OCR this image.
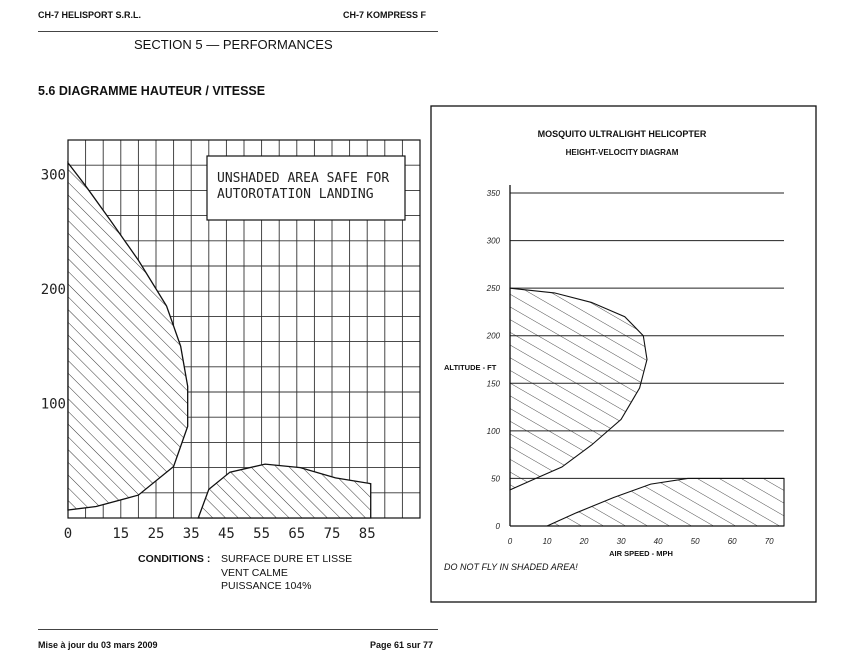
CH-7 HELISPORT S.R.L.	CH-7 KOMPRESS F
SECTION 5 — PERFORMANCES
5.6 DIAGRAMME HAUTEUR / VITESSE
UNSHADED AREA SAFE FOR
AUTOROTATION LANDING
0	15 25 35 45 55 65 75 85
100
200
300
MOSQUITO ULTRALIGHT HELICOPTER
HEIGHT-VELOCITY DIAGRAM
0
50
100
150
200
250
300
350
0	10	20	30	40	50	60	70
ALTITUDE - FT
AIR SPEED - MPH
DO NOT FLY IN SHADED AREA!
CONDITIONS : SURFACE DURE ET LISSE
VENT CALME
PUISSANCE 104%
Mise à jour du 03 mars 2009	Page 61 sur 77
